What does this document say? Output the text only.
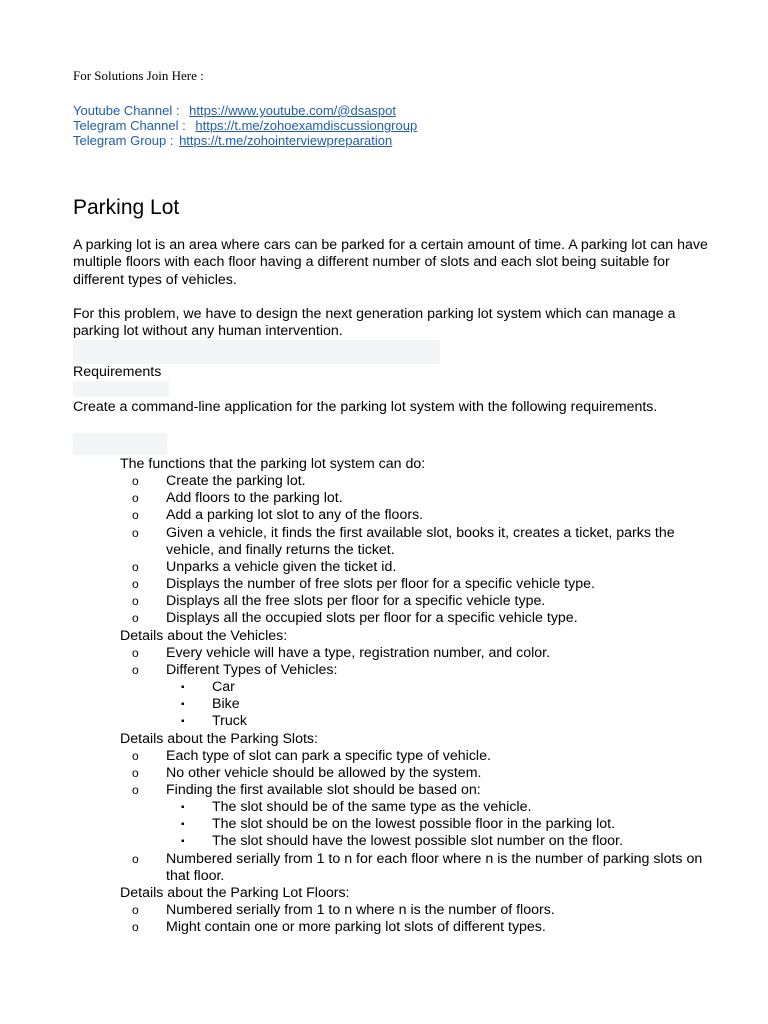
For Solutions Join Here :
Youtube Channel : https://www.youtube.com/@dsaspot
Telegram Channel : https://t.me/zohoexamdiscussiongroup
Telegram Group : https://t.me/zohointerviewpreparation
Parking Lot

A parking lot is an area where cars can be parked for a certain amount of time. A parking lot can have multiple floors with each floor having a different number of slots and each slot being suitable for different types of vehicles.

For this problem, we have to design the next generation parking lot system which can manage a parking lot without any human intervention.

Requirements

Create a command-line application for the parking lot system with the following requirements.

The functions that the parking lot system can do:
o Create the parking lot.
o Add floors to the parking lot.
o Add a parking lot slot to any of the floors.
o Given a vehicle, it finds the first available slot, books it, creates a ticket, parks the vehicle, and finally returns the ticket.
o Unparks a vehicle given the ticket id.
o Displays the number of free slots per floor for a specific vehicle type.
o Displays all the free slots per floor for a specific vehicle type.
o Displays all the occupied slots per floor for a specific vehicle type.
Details about the Vehicles:
o Every vehicle will have a type, registration number, and color.
o Different Types of Vehicles:
▪ Car
▪ Bike
▪ Truck
Details about the Parking Slots:
o Each type of slot can park a specific type of vehicle.
o No other vehicle should be allowed by the system.
o Finding the first available slot should be based on:
▪ The slot should be of the same type as the vehicle.
▪ The slot should be on the lowest possible floor in the parking lot.
▪ The slot should have the lowest possible slot number on the floor.
o Numbered serially from 1 to n for each floor where n is the number of parking slots on that floor.
Details about the Parking Lot Floors:
o Numbered serially from 1 to n where n is the number of floors.
o Might contain one or more parking lot slots of different types.
